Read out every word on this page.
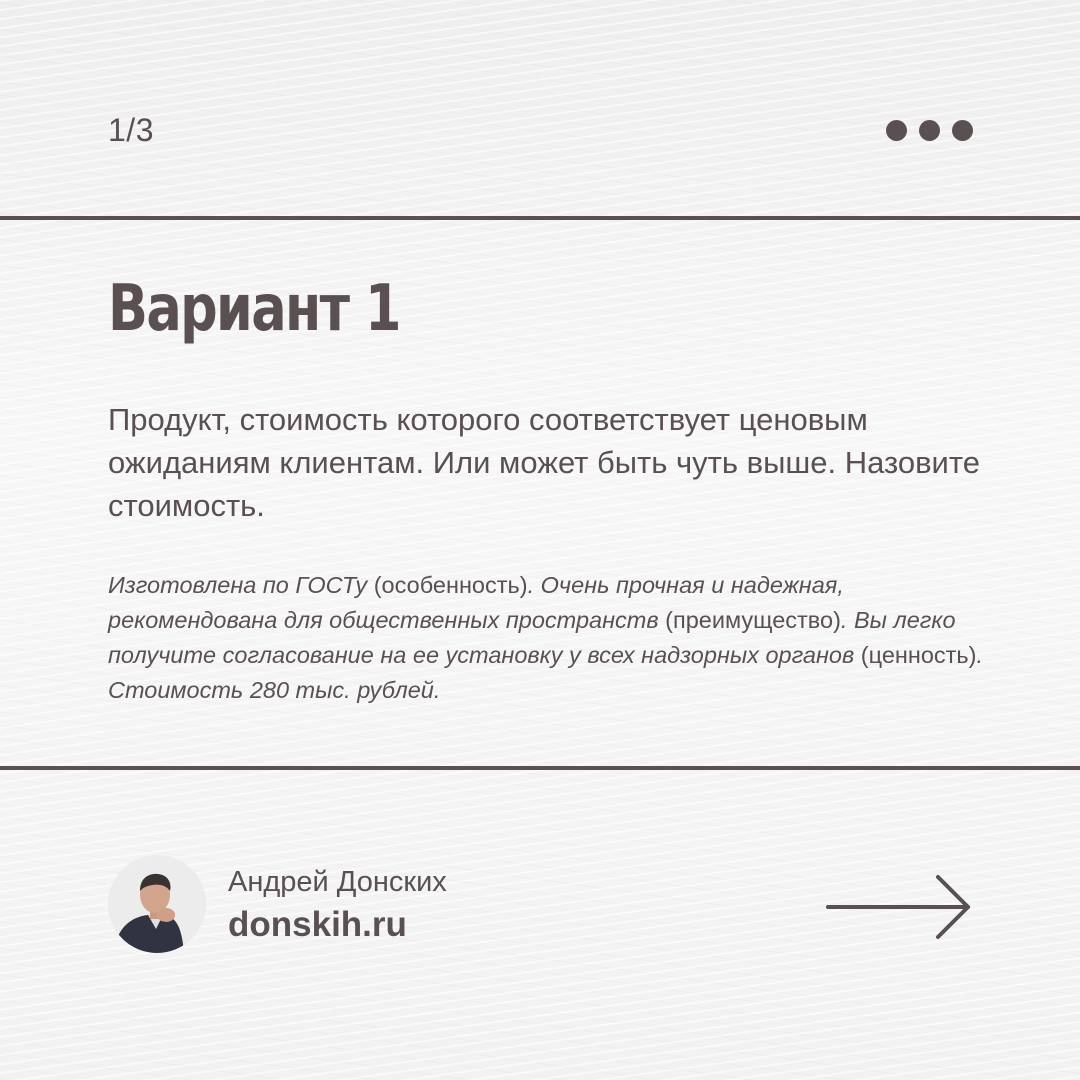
1/3
Вариант 1
Продукт, стоимость которого соответствует ценовым ожиданиям клиентам. Или может быть чуть выше. Назовите стоимость.
Изготовлена по ГОСТу (особенность). Очень прочная и надежная, рекомендована для общественных пространств (преимущество). Вы легко получите согласование на ее установку у всех надзорных органов (ценность). Стоимость 280 тыс. рублей.
Андрей Донских
donskih.ru
